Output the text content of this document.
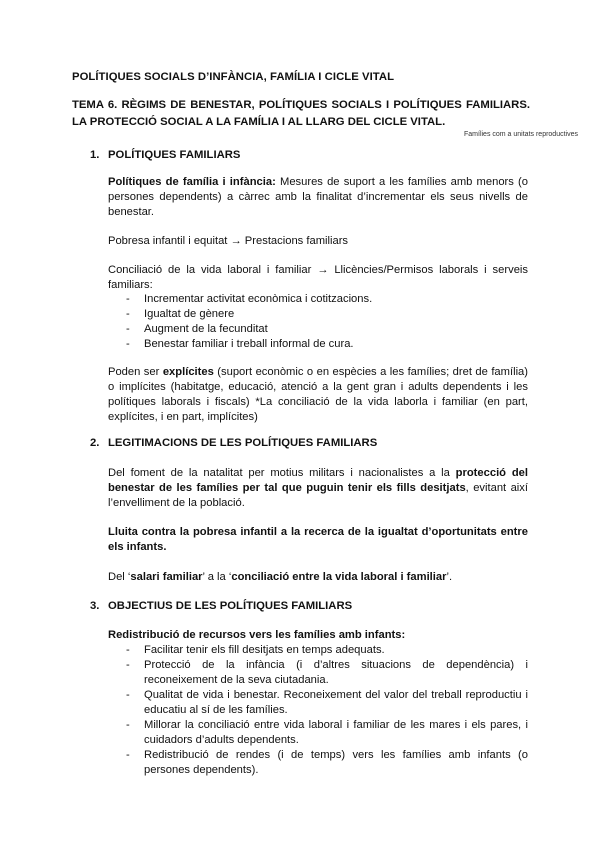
POLÍTIQUES SOCIALS D’INFÀNCIA, FAMÍLIA I CICLE VITAL
TEMA 6. RÈGIMS DE BENESTAR, POLÍTIQUES SOCIALS I POLÍTIQUES FAMILIARS. LA PROTECCIÓ SOCIAL A LA FAMÍLIA I AL LLARG DEL CICLE VITAL.
Famílies com a unitats reproductives
1. POLÍTIQUES FAMILIARS
Polítiques de família i infància: Mesures de suport a les famílies amb menors (o persones dependents) a càrrec amb la finalitat d’incrementar els seus nivells de benestar.
Pobresa infantil i equitat → Prestacions familiars
Conciliació de la vida laboral i familiar → Llicències/Permisos laborals i serveis familiars:
- Incrementar activitat econòmica i cotitzacions.
- Igualtat de gènere
- Augment de la fecunditat
- Benestar familiar i treball informal de cura.
Poden ser explícites (suport econòmic o en espècies a les famílies; dret de família) o implícites (habitatge, educació, atenció a la gent gran i adults dependents i les polítiques laborals i fiscals) *La conciliació de la vida laborla i familiar (en part, explícites, i en part, implícites)
2. LEGITIMACIONS DE LES POLÍTIQUES FAMILIARS
Del foment de la natalitat per motius militars i nacionalistes a la protecció del benestar de les famílies per tal que puguin tenir els fills desitjats, evitant així l’envelliment de la població.
Lluita contra la pobresa infantil a la recerca de la igualtat d’oportunitats entre els infants.
Del ‘salari familiar’ a la ‘conciliació entre la vida laboral i familiar’.
3. OBJECTIUS DE LES POLÍTIQUES FAMILIARS
Redistribució de recursos vers les famílies amb infants:
- Facilitar tenir els fill desitjats en temps adequats.
- Protecció de la infància (i d’altres situacions de dependència) i reconeixement de la seva ciutadania.
- Qualitat de vida i benestar. Reconeixement del valor del treball reproductiu i educatiu al sí de les famílies.
- Millorar la conciliació entre vida laboral i familiar de les mares i els pares, i cuidadors d’adults dependents.
- Redistribució de rendes (i de temps) vers les famílies amb infants (o persones dependents).
